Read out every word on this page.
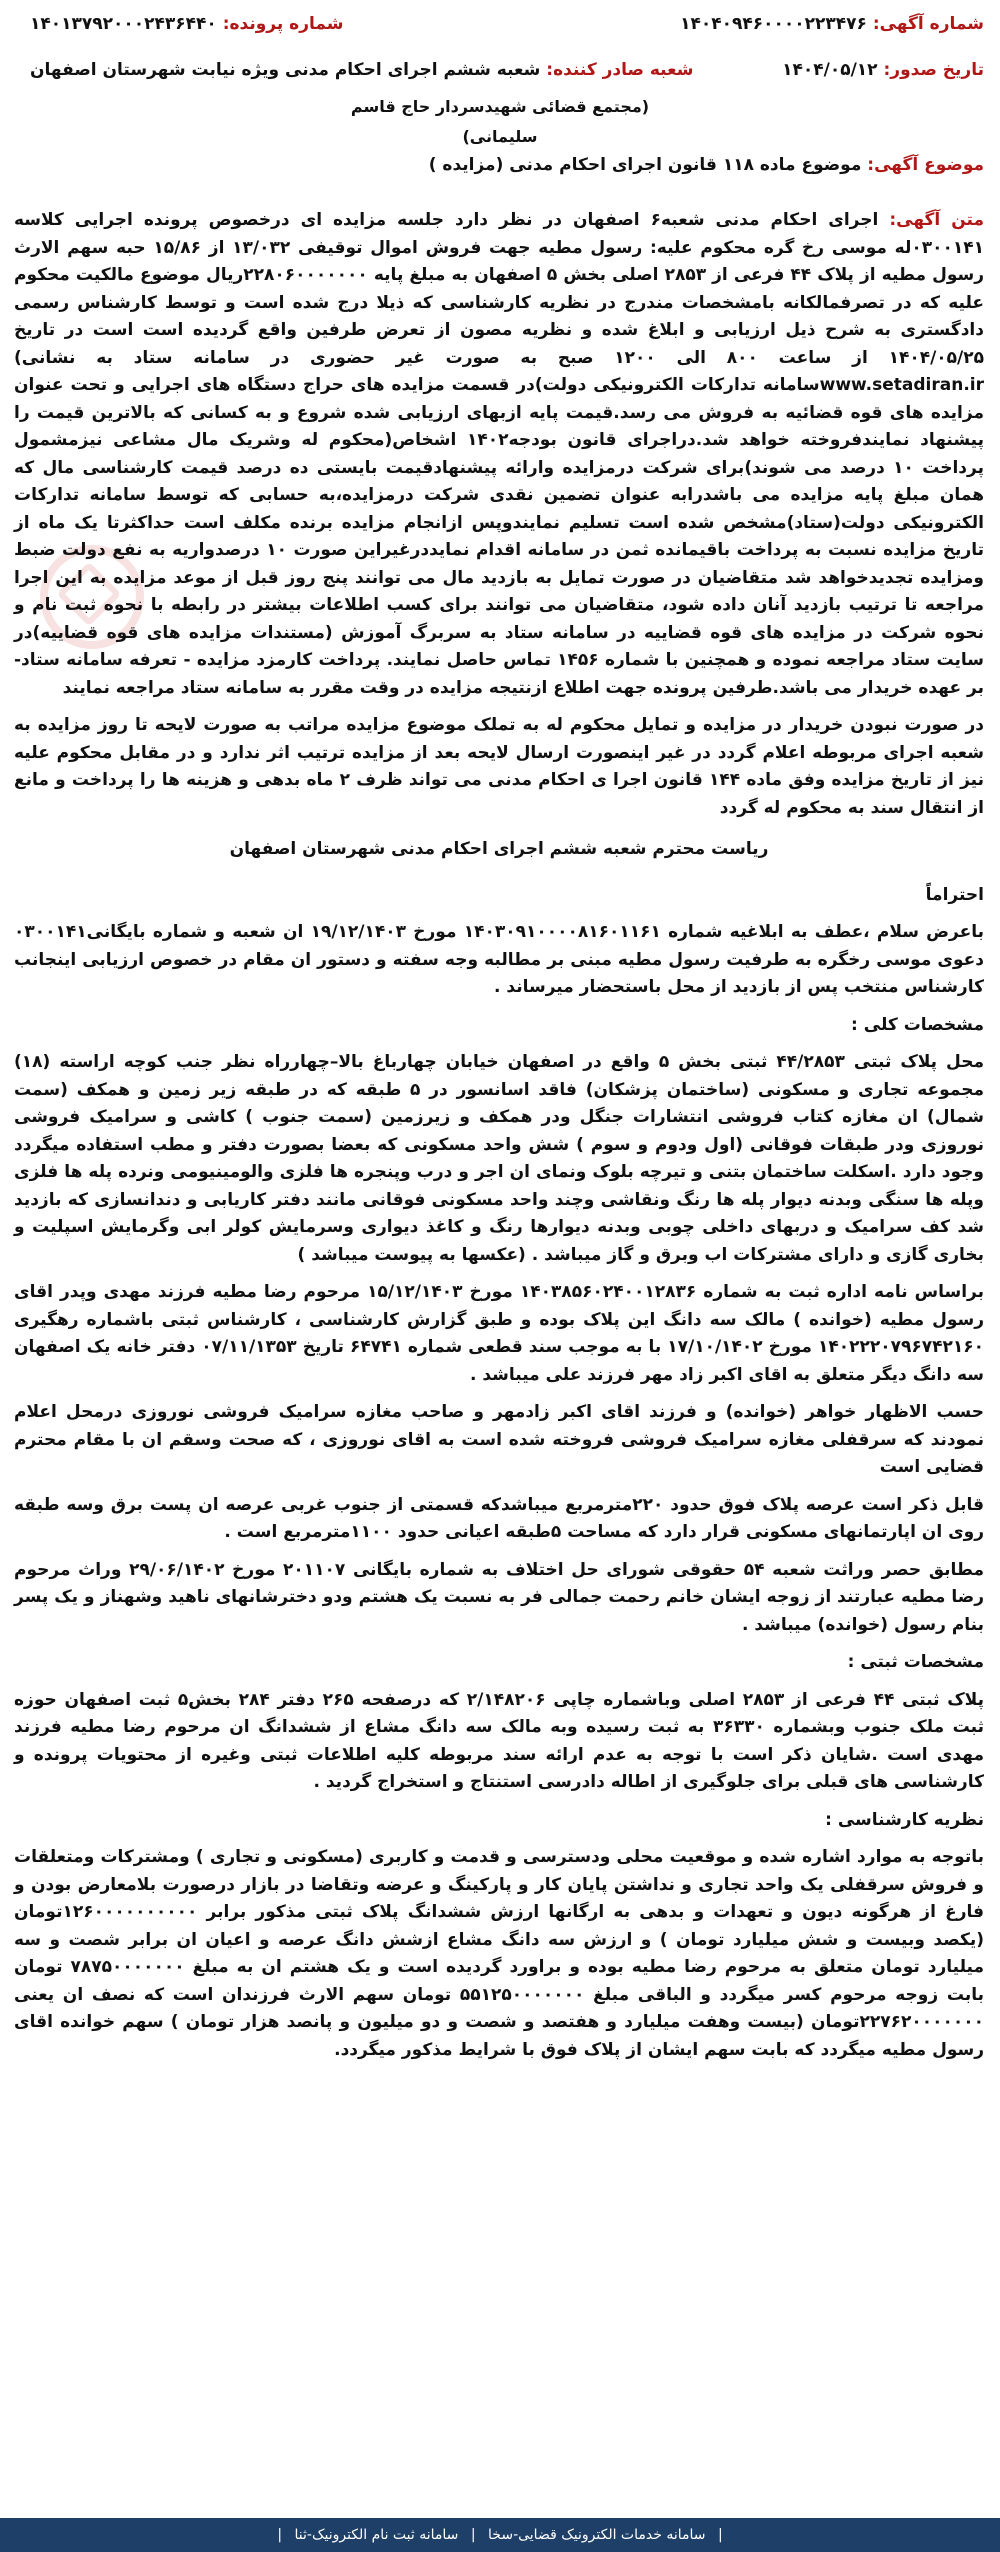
شماره آگهی: ۱۴۰۴۰۹۴۶۰۰۰۰۲۲۳۴۷۶
شماره پرونده: ۱۴۰۱۳۷۹۲۰۰۰۲۴۳۶۴۴۰
تاریخ صدور: ۱۴۰۴/۰۵/۱۲
شعبه صادر کننده: شعبه ششم اجرای احکام مدنی ویژه نیابت شهرستان اصفهان
(مجتمع قضائی شهیدسردار حاج قاسم سلیمانی)
موضوع آگهی: موضوع ماده ۱۱۸ قانون اجرای احکام مدنی (مزایده )

متن آگهی: اجرای احکام مدنی شعبه۶ اصفهان در نظر دارد جلسه مزایده ای درخصوص پرونده اجرایی کلاسه ۰۳۰۰۱۴۱له موسی رخ گره محکوم علیه: رسول مطیه جهت فروش اموال توقیفی ۱۳/۰۳۲ از ۱۵/۸۶ حبه سهم الارث رسول مطیه از پلاک ۴۴ فرعی از ۲۸۵۳ اصلی بخش ۵ اصفهان به مبلغ پایه ۲۲۸۰۶۰۰۰۰۰۰۰ریال موضوع مالکیت محکوم علیه که در تصرفمالکانه بامشخصات مندرج در نظریه کارشناسی که ذیلا درج شده است و توسط کارشناس رسمی دادگستری به شرح ذیل ارزیابی و ابلاغ شده و نظریه مصون از تعرض طرفین واقع گردیده است است در تاریخ ۱۴۰۴/۰۵/۲۵ از ساعت ۸۰۰ الی ۱۲۰۰ صبح به صورت غیر حضوری در سامانه ستاد به نشانی) www.setadiran.irسامانه تدارکات الکترونیکی دولت)در قسمت مزایده های حراج دستگاه های اجرایی و تحت عنوان مزایده های قوه قضائیه به فروش می رسد.قیمت پایه ازبهای ارزیابی شده شروع و به کسانی که بالاترین قیمت را پیشنهاد نمایندفروخته خواهد شد.دراجرای قانون بودجه۱۴۰۲ اشخاص(محکوم له وشریک مال مشاعی نیزمشمول پرداخت ۱۰ درصد می شوند)برای شرکت درمزایده وارائه پیشنهادقیمت بایستی ده درصد قیمت کارشناسی مال که همان مبلغ پایه مزایده می باشدرابه عنوان تضمین نقدی شرکت درمزایده،به حسابی که توسط سامانه تدارکات الکترونیکی دولت(ستاد)مشخص شده است تسلیم نمایندوپس ازانجام مزایده برنده مکلف است حداکثرتا یک ماه از تاریخ مزایده نسبت به پرداخت باقیمانده ثمن در سامانه اقدام نمایددرغیراین صورت ۱۰ درصدواریه به نفع دولت ضبط ومزایده تجدیدخواهد شد متقاضیان در صورت تمایل به بازدید مال می توانند پنج روز قبل از موعد مزایده به این اجرا مراجعه تا ترتیب بازدید آنان داده شود، متقاضیان می توانند برای کسب اطلاعات بیشتر در رابطه با نحوه ثبت نام و نحوه شرکت در مزایده های قوه قضاییه در سامانه ستاد به سربرگ آموزش (مستندات مزایده های قوه قضاییه)در سایت ستاد مراجعه نموده و همچنین با شماره ۱۴۵۶ تماس حاصل نمایند. پرداخت کارمزد مزایده - تعرفه سامانه ستاد- بر عهده خریدار می باشد.طرفین پرونده جهت اطلاع ازنتیجه مزایده در وقت مقرر به سامانه ستاد مراجعه نمایند

در صورت نبودن خریدار در مزایده و تمایل محکوم له به تملک موضوع مزایده مراتب به صورت لایحه تا روز مزایده به شعبه اجرای مربوطه اعلام گردد در غیر اینصورت ارسال لایحه بعد از مزایده ترتیب اثر ندارد و در مقابل محکوم علیه نیز از تاریخ مزایده وفق ماده ۱۴۴ قانون اجرا ی احکام مدنی می تواند ظرف ۲ ماه بدهی و هزینه ها را پرداخت و مانع از انتقال سند به محکوم له گردد

ریاست محترم شعبه ششم اجرای احکام مدنی شهرستان اصفهان

احتراماً

باعرض سلام ،عطف به ابلاغیه شماره ۱۴۰۳۰۹۱۰۰۰۰۸۱۶۰۱۱۶۱ مورخ ۱۹/۱۲/۱۴۰۳ ان شعبه و شماره بایگانی۰۳۰۰۱۴۱ دعوی موسی رخگره به طرفیت رسول مطیه مبنی بر مطالبه وجه سفته و دستور ان مقام در خصوص ارزیابی اینجانب کارشناس منتخب پس از بازدید از محل باستحضار میرساند .

مشخصات کلی :

محل پلاک ثبتی ۴۴/۲۸۵۳ ثبتی بخش ۵ واقع در اصفهان خیابان چهارباغ بالا–چهارراه نظر جنب کوچه اراسته (۱۸) مجموعه تجاری و مسکونی (ساختمان پزشکان) فاقد اسانسور در ۵ طبقه که در طبقه زیر زمین و همکف (سمت شمال) ان مغازه کتاب فروشی انتشارات جنگل ودر همکف و زیرزمین (سمت جنوب ) کاشی و سرامیک فروشی نوروزی ودر طبقات فوقانی (اول ودوم و سوم ) شش واحد مسکونی که بعضا بصورت دفتر و مطب استفاده میگردد وجود دارد .اسکلت ساختمان بتنی و تیرچه بلوک ونمای ان اجر و درب وپنجره ها فلزی والومینیومی ونرده پله ها فلزی وپله ها سنگی وبدنه دیوار پله ها رنگ ونقاشی وچند واحد مسکونی فوقانی مانند دفتر کاریابی و دندانسازی که بازدید شد کف سرامیک و دربهای داخلی چوبی وبدنه دیوارها رنگ و کاغذ دیواری وسرمایش کولر ابی وگرمایش اسپلیت و بخاری گازی و دارای مشترکات اب وبرق و گاز میباشد . (عکسها به پیوست میباشد )

براساس نامه اداره ثبت به شماره ۱۴۰۳۸۵۶۰۲۴۰۰۱۲۸۳۶ مورخ ۱۵/۱۲/۱۴۰۳ مرحوم رضا مطیه فرزند مهدی وپدر اقای رسول مطیه (خوانده ) مالک سه دانگ این پلاک بوده و طبق گزارش کارشناسی ، کارشناس ثبتی باشماره رهگیری ۱۴۰۲۲۲۰۷۹۶۷۴۲۱۶۰ مورخ ۱۷/۱۰/۱۴۰۲ با به موجب سند قطعی شماره ۶۴۷۴۱ تاریخ ۰۷/۱۱/۱۳۵۳ دفتر خانه یک اصفهان سه دانگ دیگر متعلق به اقای اکبر زاد مهر فرزند علی میباشد .

حسب الاظهار خواهر (خوانده) و فرزند اقای اکبر زادمهر و صاحب مغازه سرامیک فروشی نوروزی درمحل اعلام نمودند که سرقفلی مغازه سرامیک فروشی فروخته شده است به اقای نوروزی ، که صحت وسقم ان با مقام محترم قضایی است

قابل ذکر است عرصه پلاک فوق حدود ۲۲۰مترمربع میباشدکه قسمتی از جنوب غربی عرصه ان پست برق وسه طبقه روی ان اپارتمانهای مسکونی قرار دارد که مساحت ۵طبقه اعیانی حدود ۱۱۰۰مترمربع است .

مطابق حصر وراثت شعبه ۵۴ حقوقی شورای حل اختلاف به شماره بایگانی ۲۰۱۱۰۷ مورخ ۲۹/۰۶/۱۴۰۲ وراث مرحوم رضا مطیه عبارتند از زوجه ایشان خانم رحمت جمالی فر به نسبت یک هشتم ودو دخترشانهای ناهید وشهناز و یک پسر بنام رسول (خوانده) میباشد .

مشخصات ثبتی :

پلاک ثبتی ۴۴ فرعی از ۲۸۵۳ اصلی وباشماره چاپی ۲/۱۴۸۲۰۶ که درصفحه ۲۶۵ دفتر ۲۸۴ بخش۵ ثبت اصفهان حوزه ثبت ملک جنوب وبشماره ۳۶۳۳۰ به ثبت رسیده وبه مالک سه دانگ مشاع از ششدانگ ان مرحوم رضا مطیه فرزند مهدی است .شایان ذکر است با توجه به عدم ارائه سند مربوطه کلیه اطلاعات ثبتی وغیره از محتویات پرونده و کارشناسی های قبلی برای جلوگیری از اطاله دادرسی استنتاج و استخراج گردید .

نظریه کارشناسی :

باتوجه به موارد اشاره شده و موقعیت محلی ودسترسی و قدمت و کاربری (مسکونی و تجاری ) ومشترکات ومتعلقات و فروش سرقفلی یک واحد تجاری و نداشتن پایان کار و پارکینگ و عرضه وتقاضا در بازار درصورت بلامعارض بودن و فارغ از هرگونه دیون و تعهدات و بدهی به ارگانها ارزش ششدانگ پلاک ثبتی مذکور برابر ۱۲۶۰۰۰۰۰۰۰۰۰۰تومان (یکصد وبیست و شش میلیارد تومان ) و ارزش سه دانگ مشاع ازشش دانگ عرصه و اعیان ان برابر شصت و سه میلیارد تومان متعلق به مرحوم رضا مطیه بوده و براورد گردیده است و یک هشتم ان به مبلغ ۷۸۷۵۰۰۰۰۰۰۰ تومان بابت زوجه مرحوم کسر میگردد و الباقی مبلغ ۵۵۱۲۵۰۰۰۰۰۰۰ تومان سهم الارث فرزندان است که نصف ان یعنی ۲۲۷۶۲۰۰۰۰۰۰۰تومان (بیست وهفت میلیارد و هفتصد و شصت و دو میلیون و پانصد هزار تومان ) سهم خوانده اقای رسول مطیه میگردد که بابت سهم ایشان از پلاک فوق با شرایط مذکور میگردد.

| سامانه خدمات الکترونیک قضایی-سخا | سامانه ثبت نام الکترونیک-ثنا |
